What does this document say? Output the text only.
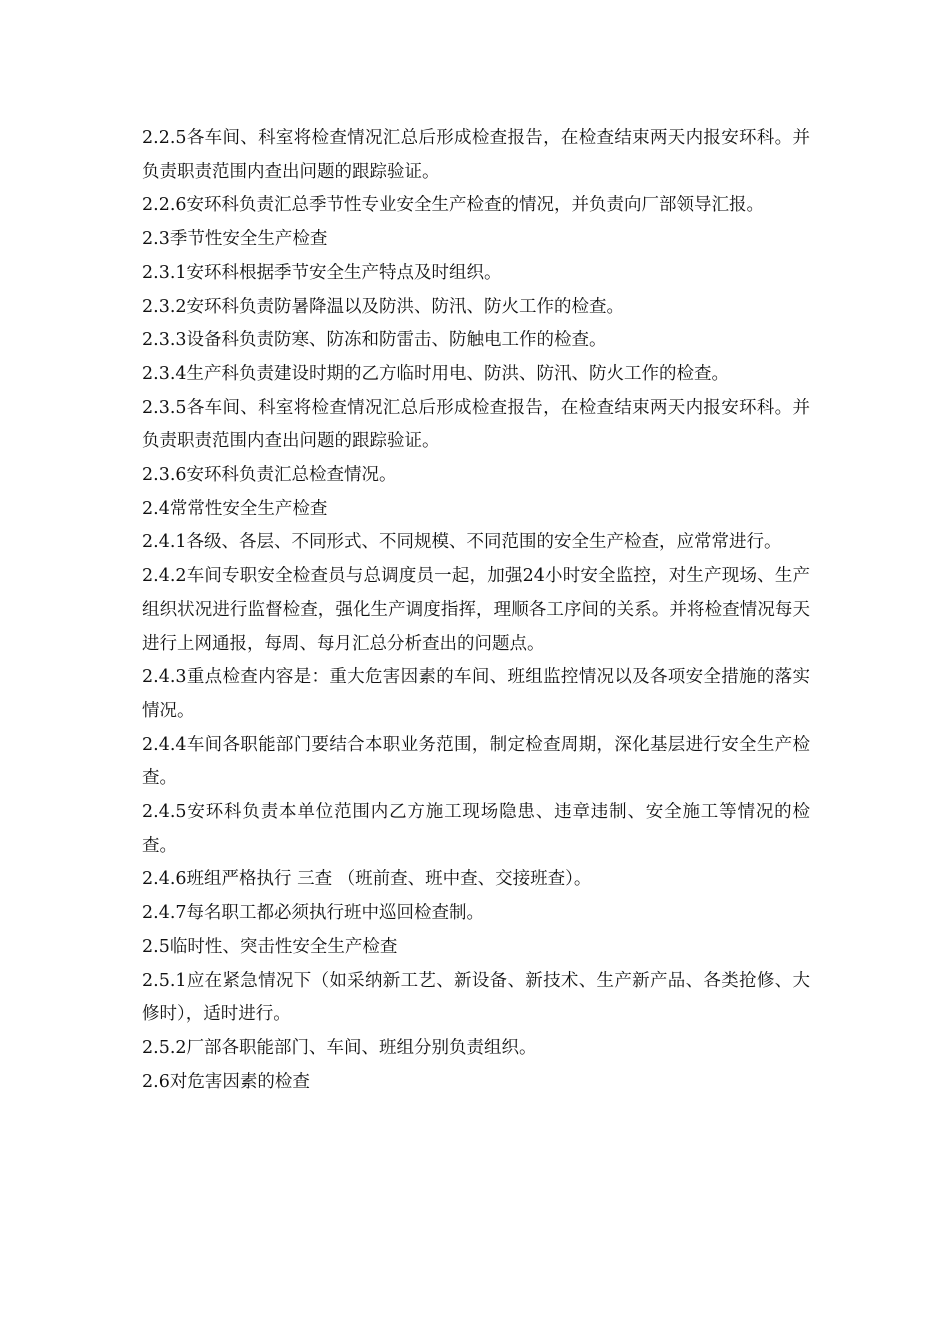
2.2.5各车间、科室将检查情况汇总后形成检查报告，在检查结束两天内报安环科。并负责职责范围内查出问题的跟踪验证。

2.2.6安环科负责汇总季节性专业安全生产检查的情况，并负责向厂部领导汇报。

2.3季节性安全生产检查

2.3.1安环科根据季节安全生产特点及时组织。

2.3.2安环科负责防暑降温以及防洪、防汛、防火工作的检查。

2.3.3设备科负责防寒、防冻和防雷击、防触电工作的检查。

2.3.4生产科负责建设时期的乙方临时用电、防洪、防汛、防火工作的检查。

2.3.5各车间、科室将检查情况汇总后形成检查报告，在检查结束两天内报安环科。并负责职责范围内查出问题的跟踪验证。

2.3.6安环科负责汇总检查情况。

2.4常常性安全生产检查

2.4.1各级、各层、不同形式、不同规模、不同范围的安全生产检查，应常常进行。

2.4.2车间专职安全检查员与总调度员一起，加强24小时安全监控，对生产现场、生产组织状况进行监督检查，强化生产调度指挥，理顺各工序间的关系。并将检查情况每天进行上网通报，每周、每月汇总分析查出的问题点。

2.4.3重点检查内容是：重大危害因素的车间、班组监控情况以及各项安全措施的落实情况。

2.4.4车间各职能部门要结合本职业务范围，制定检查周期，深化基层进行安全生产检查。

2.4.5安环科负责本单位范围内乙方施工现场隐患、违章违制、安全施工等情况的检查。

2.4.6班组严格执行 三查 （班前查、班中查、交接班查）。

2.4.7每名职工都必须执行班中巡回检查制。

2.5临时性、突击性安全生产检查

2.5.1应在紧急情况下（如采纳新工艺、新设备、新技术、生产新产品、各类抢修、大修时），适时进行。

2.5.2厂部各职能部门、车间、班组分别负责组织。

2.6对危害因素的检查
